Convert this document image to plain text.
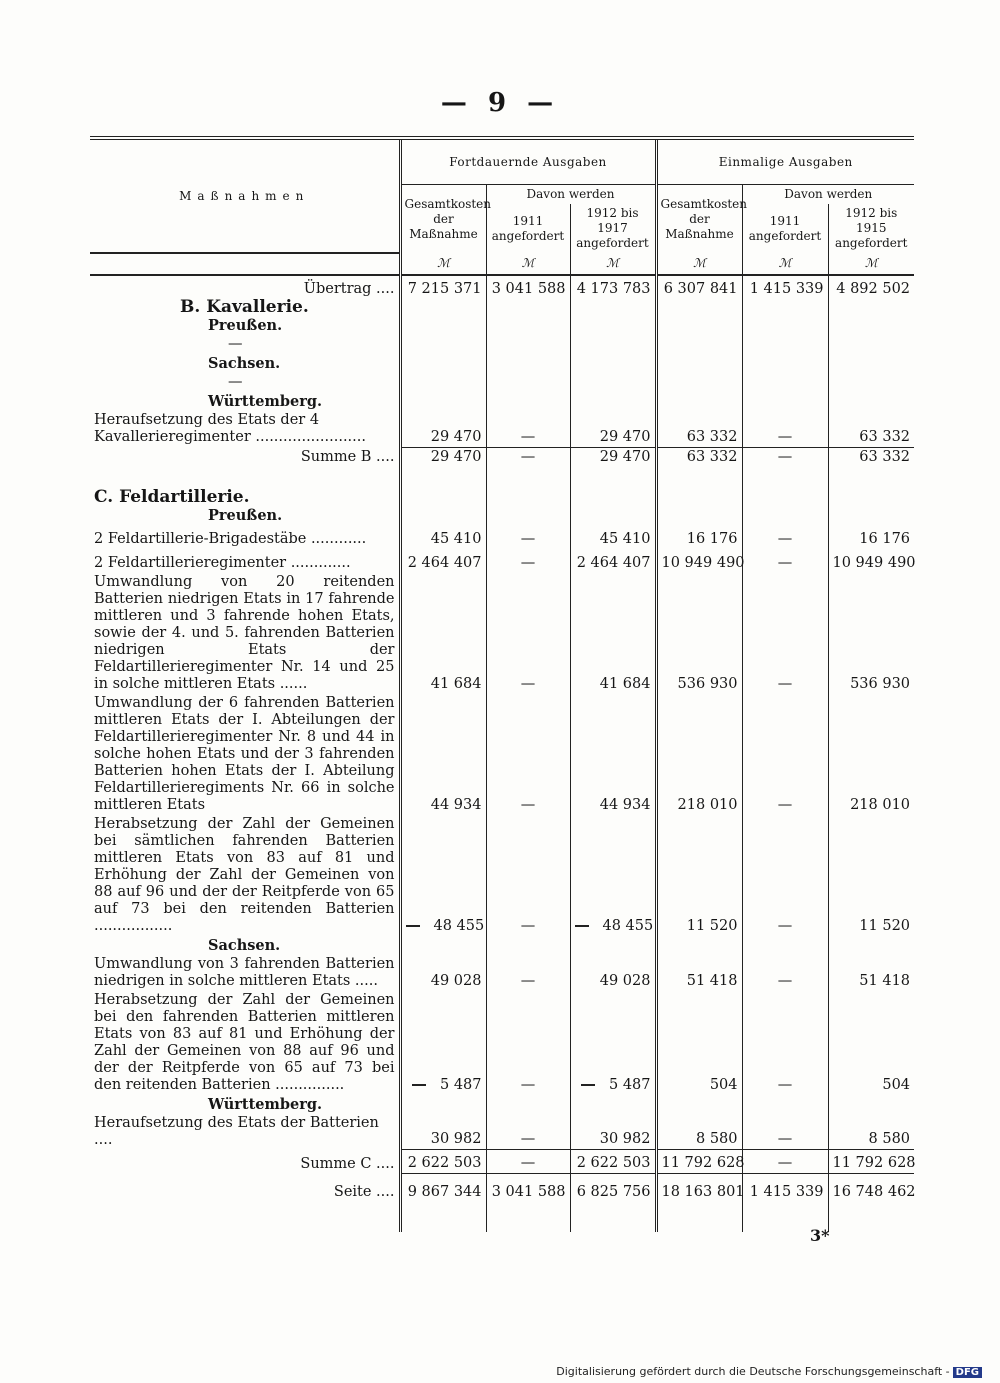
— 9 —
Maßnahmen	Fortdauernde Ausgaben			Einmalige Ausgaben		
	Gesamtkosten der Maßnahme	Davon werden		Gesamtkosten der Maßnahme	Davon werden	
		1911 angefordert	1912 bis 1917 angefordert		1911 angefordert	1912 bis 1915 angefordert
	ℳ	ℳ	ℳ	ℳ	ℳ	ℳ
Übertrag ....	7 215 371	3 041 588	4 173 783	6 307 841	1 415 339	4 892 502
B. Kavallerie.						
Preußen.						
—						
Sachsen.						
—						
Württemberg.						
Heraufsetzung des Etats der 4 Kavallerieregimenter ........................	29 470	—	29 470	63 332	—	63 332
Summe B ....	29 470	—	29 470	63 332	—	63 332
C. Feldartillerie.						
Preußen.						
2 Feldartillerie-Brigadestäbe ............	45 410	—	45 410	16 176	—	16 176
2 Feldartillerieregimenter .............	2 464 407	—	2 464 407	10 949 490	—	10 949 490
Umwandlung von 20 reitenden Batterien niedrigen Etats in 17 fahrende mittleren und 3 fahrende hohen Etats, sowie der 4. und 5. fahrenden Batterien niedrigen Etats der Feldartillerieregimenter Nr. 14 und 25 in solche mittleren Etats ......	41 684	—	41 684	536 930	—	536 930
Umwandlung der 6 fahrenden Batterien mittleren Etats der I. Abteilungen der Feldartillerieregimenter Nr. 8 und 44 in solche hohen Etats und der 3 fahrenden Batterien hohen Etats der I. Abteilung Feldartillerieregiments Nr. 66 in solche mittleren Etats	44 934	—	44 934	218 010	—	218 010
Herabsetzung der Zahl der Gemeinen bei sämtlichen fahrenden Batterien mittleren Etats von 83 auf 81 und Erhöhung der Zahl der Gemeinen von 88 auf 96 und der der Reitpferde von 65 auf 73 bei den reitenden Batterien .................	48 455	—	48 455	11 520	—	11 520
Sachsen.						
Umwandlung von 3 fahrenden Batterien niedrigen in solche mittleren Etats .....	49 028	—	49 028	51 418	—	51 418
Herabsetzung der Zahl der Gemeinen bei den fahrenden Batterien mittleren Etats von 83 auf 81 und Erhöhung der Zahl der Gemeinen von 88 auf 96 und der der Reitpferde von 65 auf 73 bei den reitenden Batterien ...............	5 487	—	5 487	504	—	504
Württemberg.						
Heraufsetzung des Etats der Batterien ....	30 982	—	30 982	8 580	—	8 580
Summe C ....	2 622 503	—	2 622 503	11 792 628	—	11 792 628
Seite ....	9 867 344	3 041 588	6 825 756	18 163 801	1 415 339	16 748 462

3*
Digitalisierung gefördert durch die Deutsche Forschungsgemeinschaft - DFG
